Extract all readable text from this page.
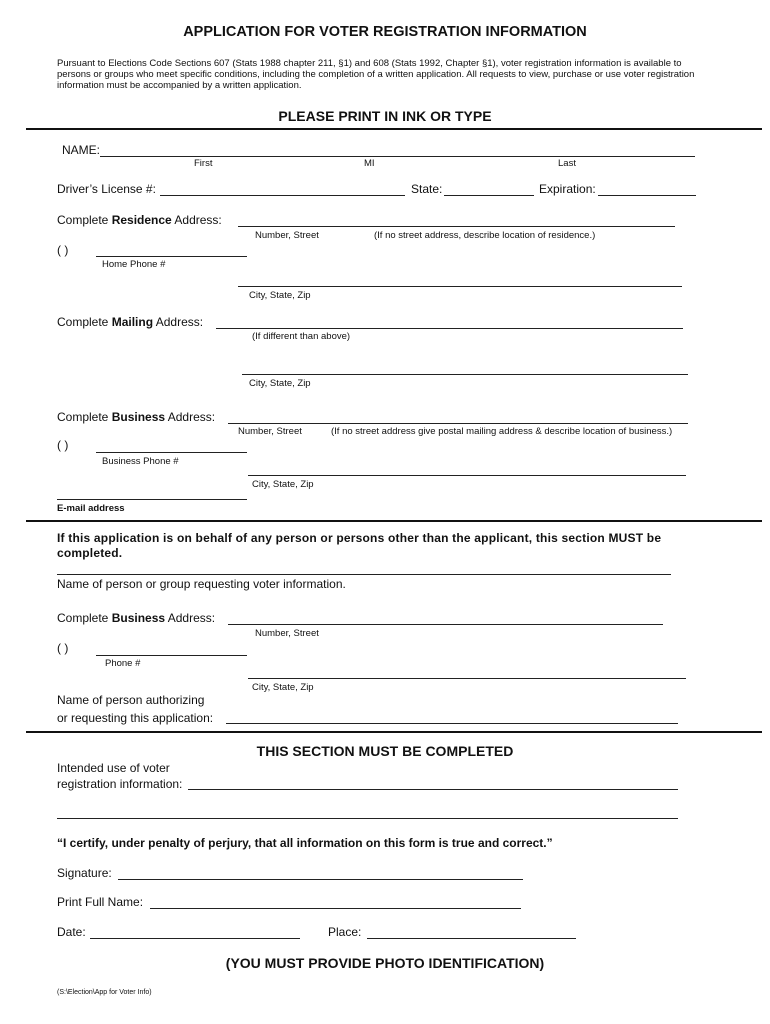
APPLICATION FOR VOTER REGISTRATION INFORMATION
Pursuant to Elections Code Sections 607 (Stats 1988 chapter 211, §1) and 608 (Stats 1992, Chapter §1), voter registration information is available to persons or groups who meet specific conditions, including the completion of a written application. All requests to view, purchase or use voter registration information must be accompanied by a written application.
PLEASE PRINT IN INK OR TYPE
NAME:
First	MI	Last
Driver’s License #:	State:	Expiration:
Complete Residence Address:
Number, Street	(If no street address, describe location of residence.)
( )
Home Phone #
City, State, Zip
Complete Mailing Address:
(If different than above)
City, State, Zip
Complete Business Address:
Number, Street	(If no street address give postal mailing address & describe location of business.)
( )
Business Phone #
City, State, Zip
E-mail address
If this application is on behalf of any person or persons other than the applicant, this section MUST be completed.
Name of person or group requesting voter information.
Complete Business Address:
Number, Street
( )
Phone #
City, State, Zip
Name of person authorizing
or requesting this application:
THIS SECTION MUST BE COMPLETED
Intended use of voter
registration information:
“I certify, under penalty of perjury, that all information on this form is true and correct.”
Signature:
Print Full Name:
Date:	Place:
(YOU MUST PROVIDE PHOTO IDENTIFICATION)
(S:\Election\App for Voter Info)
